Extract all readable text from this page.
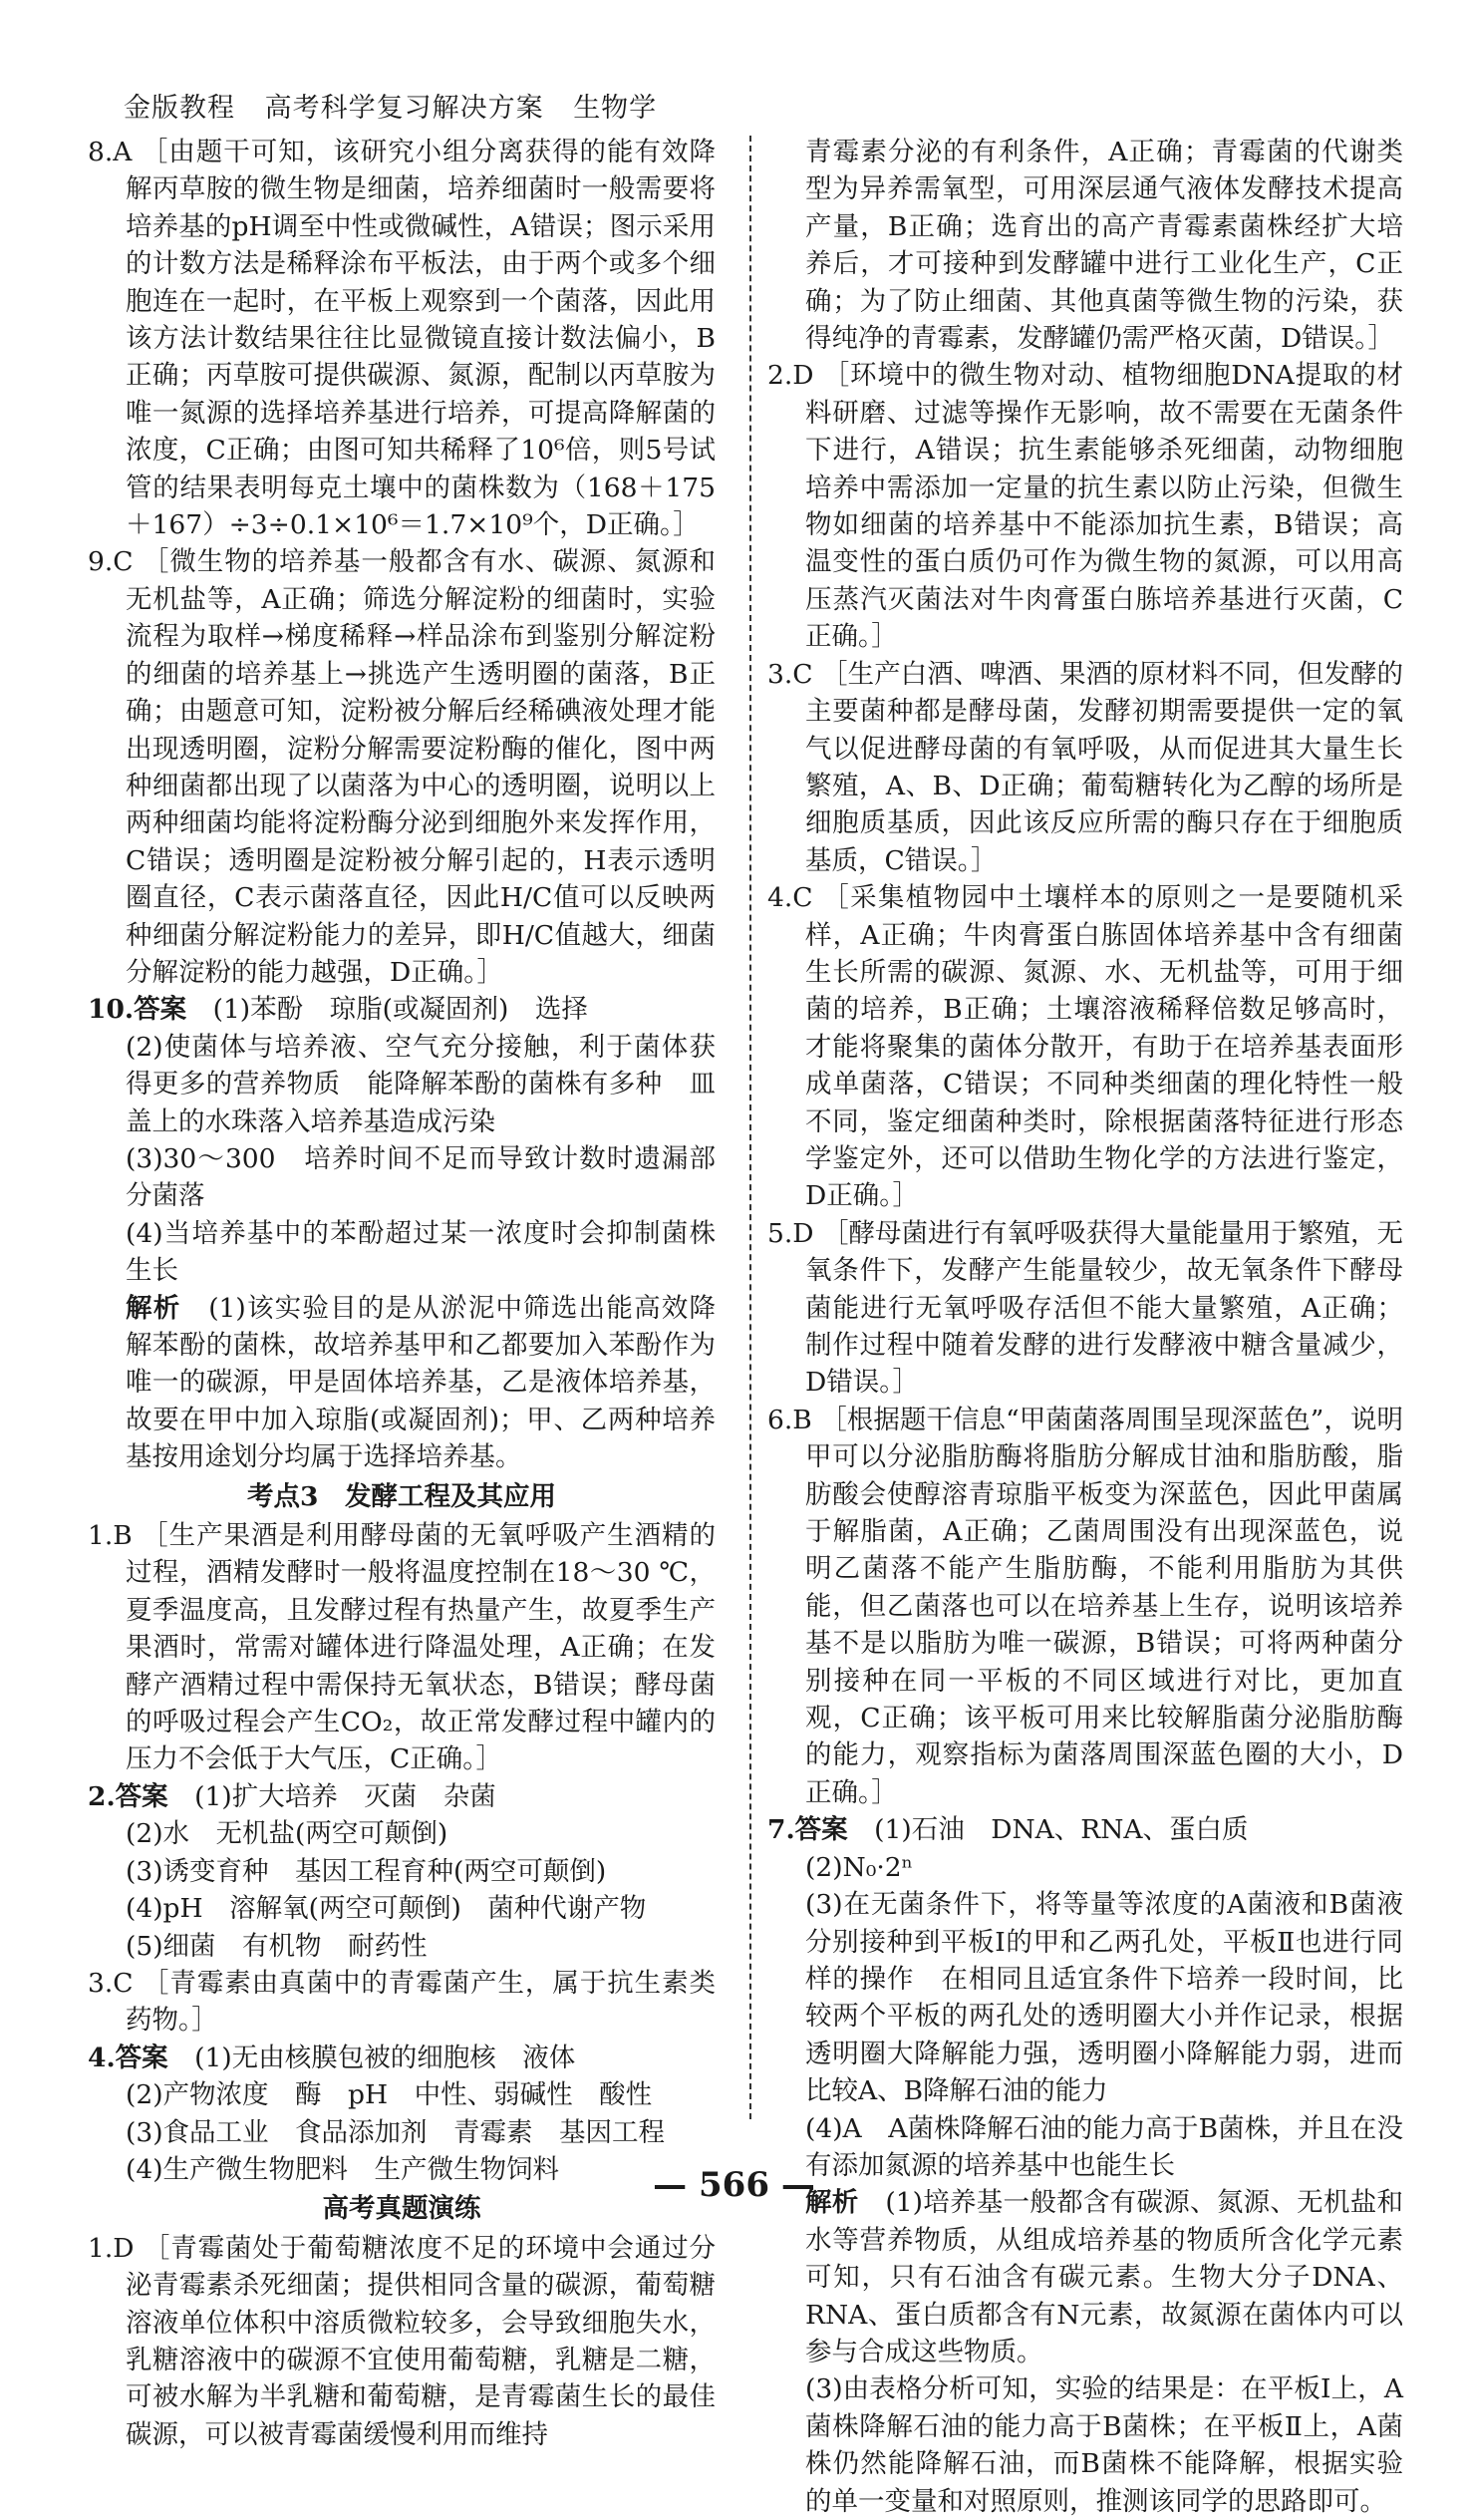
金版教程 高考科学复习解决方案 生物学

8.A ［由题干可知，该研究小组分离获得的能有效降解丙草胺的微生物是细菌，培养细菌时一般需要将培养基的pH调至中性或微碱性，A错误；图示采用的计数方法是稀释涂布平板法，由于两个或多个细胞连在一起时，在平板上观察到一个菌落，因此用该方法计数结果往往比显微镜直接计数法偏小，B正确；丙草胺可提供碳源、氮源，配制以丙草胺为唯一氮源的选择培养基进行培养，可提高降解菌的浓度，C正确；由图可知共稀释了10⁶倍，则5号试管的结果表明每克土壤中的菌株数为（168＋175＋167）÷3÷0.1×10⁶＝1.7×10⁹个，D正确。］

9.C ［微生物的培养基一般都含有水、碳源、氮源和无机盐等，A正确；筛选分解淀粉的细菌时，实验流程为取样→梯度稀释→样品涂布到鉴别分解淀粉的细菌的培养基上→挑选产生透明圈的菌落，B正确；由题意可知，淀粉被分解后经稀碘液处理才能出现透明圈，淀粉分解需要淀粉酶的催化，图中两种细菌都出现了以菌落为中心的透明圈，说明以上两种细菌均能将淀粉酶分泌到细胞外来发挥作用，C错误；透明圈是淀粉被分解引起的，H表示透明圈直径，C表示菌落直径，因此H/C值可以反映两种细菌分解淀粉能力的差异，即H/C值越大，细菌分解淀粉的能力越强，D正确。］

10.答案　 (1)苯酚　琼脂(或凝固剂)　选择

(2)使菌体与培养液、空气充分接触，利于菌体获得更多的营养物质　能降解苯酚的菌株有多种　皿盖上的水珠落入培养基造成污染

(3)30～300　培养时间不足而导致计数时遗漏部分菌落

(4)当培养基中的苯酚超过某一浓度时会抑制菌株生长

解析　 (1)该实验目的是从淤泥中筛选出能高效降解苯酚的菌株，故培养基甲和乙都要加入苯酚作为唯一的碳源，甲是固体培养基，乙是液体培养基，故要在甲中加入琼脂(或凝固剂)；甲、乙两种培养基按用途划分均属于选择培养基。

考点3　发酵工程及其应用

1.B ［生产果酒是利用酵母菌的无氧呼吸产生酒精的过程，酒精发酵时一般将温度控制在18～30 ℃，夏季温度高，且发酵过程有热量产生，故夏季生产果酒时，常需对罐体进行降温处理，A正确；在发酵产酒精过程中需保持无氧状态，B错误；酵母菌的呼吸过程会产生CO₂，故正常发酵过程中罐内的压力不会低于大气压，C正确。］

2.答案　 (1)扩大培养　灭菌　杂菌

(2)水　无机盐(两空可颠倒)

(3)诱变育种　基因工程育种(两空可颠倒)

(4)pH　溶解氧(两空可颠倒)　菌种代谢产物

(5)细菌　有机物　耐药性

3.C ［青霉素由真菌中的青霉菌产生，属于抗生素类药物。］

4.答案　 (1)无由核膜包被的细胞核　液体

(2)产物浓度　酶　pH　中性、弱碱性　酸性

(3)食品工业　食品添加剂　青霉素　基因工程

(4)生产微生物肥料　生产微生物饲料

高考真题演练

1.D ［青霉菌处于葡萄糖浓度不足的环境中会通过分泌青霉素杀死细菌；提供相同含量的碳源，葡萄糖溶液单位体积中溶质微粒较多，会导致细胞失水，乳糖溶液中的碳源不宜使用葡萄糖，乳糖是二糖，可被水解为半乳糖和葡萄糖，是青霉菌生长的最佳碳源，可以被青霉菌缓慢利用而维持

青霉素分泌的有利条件，A正确；青霉菌的代谢类型为异养需氧型，可用深层通气液体发酵技术提高产量，B正确；选育出的高产青霉素菌株经扩大培养后，才可接种到发酵罐中进行工业化生产，C正确；为了防止细菌、其他真菌等微生物的污染，获得纯净的青霉素，发酵罐仍需严格灭菌，D错误。］

2.D ［环境中的微生物对动、植物细胞DNA提取的材料研磨、过滤等操作无影响，故不需要在无菌条件下进行，A错误；抗生素能够杀死细菌，动物细胞培养中需添加一定量的抗生素以防止污染，但微生物如细菌的培养基中不能添加抗生素，B错误；高温变性的蛋白质仍可作为微生物的氮源，可以用高压蒸汽灭菌法对牛肉膏蛋白胨培养基进行灭菌，C正确。］

3.C ［生产白酒、啤酒、果酒的原材料不同，但发酵的主要菌种都是酵母菌，发酵初期需要提供一定的氧气以促进酵母菌的有氧呼吸，从而促进其大量生长繁殖，A、B、D正确；葡萄糖转化为乙醇的场所是细胞质基质，因此该反应所需的酶只存在于细胞质基质，C错误。］

4.C ［采集植物园中土壤样本的原则之一是要随机采样，A正确；牛肉膏蛋白胨固体培养基中含有细菌生长所需的碳源、氮源、水、无机盐等，可用于细菌的培养，B正确；土壤溶液稀释倍数足够高时，才能将聚集的菌体分散开，有助于在培养基表面形成单菌落，C错误；不同种类细菌的理化特性一般不同，鉴定细菌种类时，除根据菌落特征进行形态学鉴定外，还可以借助生物化学的方法进行鉴定，D正确。］

5.D ［酵母菌进行有氧呼吸获得大量能量用于繁殖，无氧条件下，发酵产生能量较少，故无氧条件下酵母菌能进行无氧呼吸存活但不能大量繁殖，A正确；制作过程中随着发酵的进行发酵液中糖含量减少，D错误。］

6.B ［根据题干信息“甲菌菌落周围呈现深蓝色”，说明甲可以分泌脂肪酶将脂肪分解成甘油和脂肪酸，脂肪酸会使醇溶青琼脂平板变为深蓝色，因此甲菌属于解脂菌，A正确；乙菌周围没有出现深蓝色，说明乙菌落不能产生脂肪酶，不能利用脂肪为其供能，但乙菌落也可以在培养基上生存，说明该培养基不是以脂肪为唯一碳源，B错误；可将两种菌分别接种在同一平板的不同区域进行对比，更加直观，C正确；该平板可用来比较解脂菌分泌脂肪酶的能力，观察指标为菌落周围深蓝色圈的大小，D正确。］

7.答案　 (1)石油　DNA、RNA、蛋白质

(2)N₀·2ⁿ

(3)在无菌条件下，将等量等浓度的A菌液和B菌液分别接种到平板Ⅰ的甲和乙两孔处，平板Ⅱ也进行同样的操作　在相同且适宜条件下培养一段时间，比较两个平板的两孔处的透明圈大小并作记录，根据透明圈大降解能力强，透明圈小降解能力弱，进而比较A、B降解石油的能力

(4)A　A菌株降解石油的能力高于B菌株，并且在没有添加氮源的培养基中也能生长

解析　 (1)培养基一般都含有碳源、氮源、无机盐和水等营养物质，从组成培养基的物质所含化学元素可知，只有石油含有碳元素。生物大分子DNA、RNA、蛋白质都含有N元素，故氮源在菌体内可以参与合成这些物质。

(3)由表格分析可知，实验的结果是：在平板Ⅰ上，A菌株降解石油的能力高于B菌株；在平板Ⅱ上，A菌株仍然能降解石油，而B菌株不能降解，根据实验的单一变量和对照原则，推测该同学的思路即可。

— 566 —
